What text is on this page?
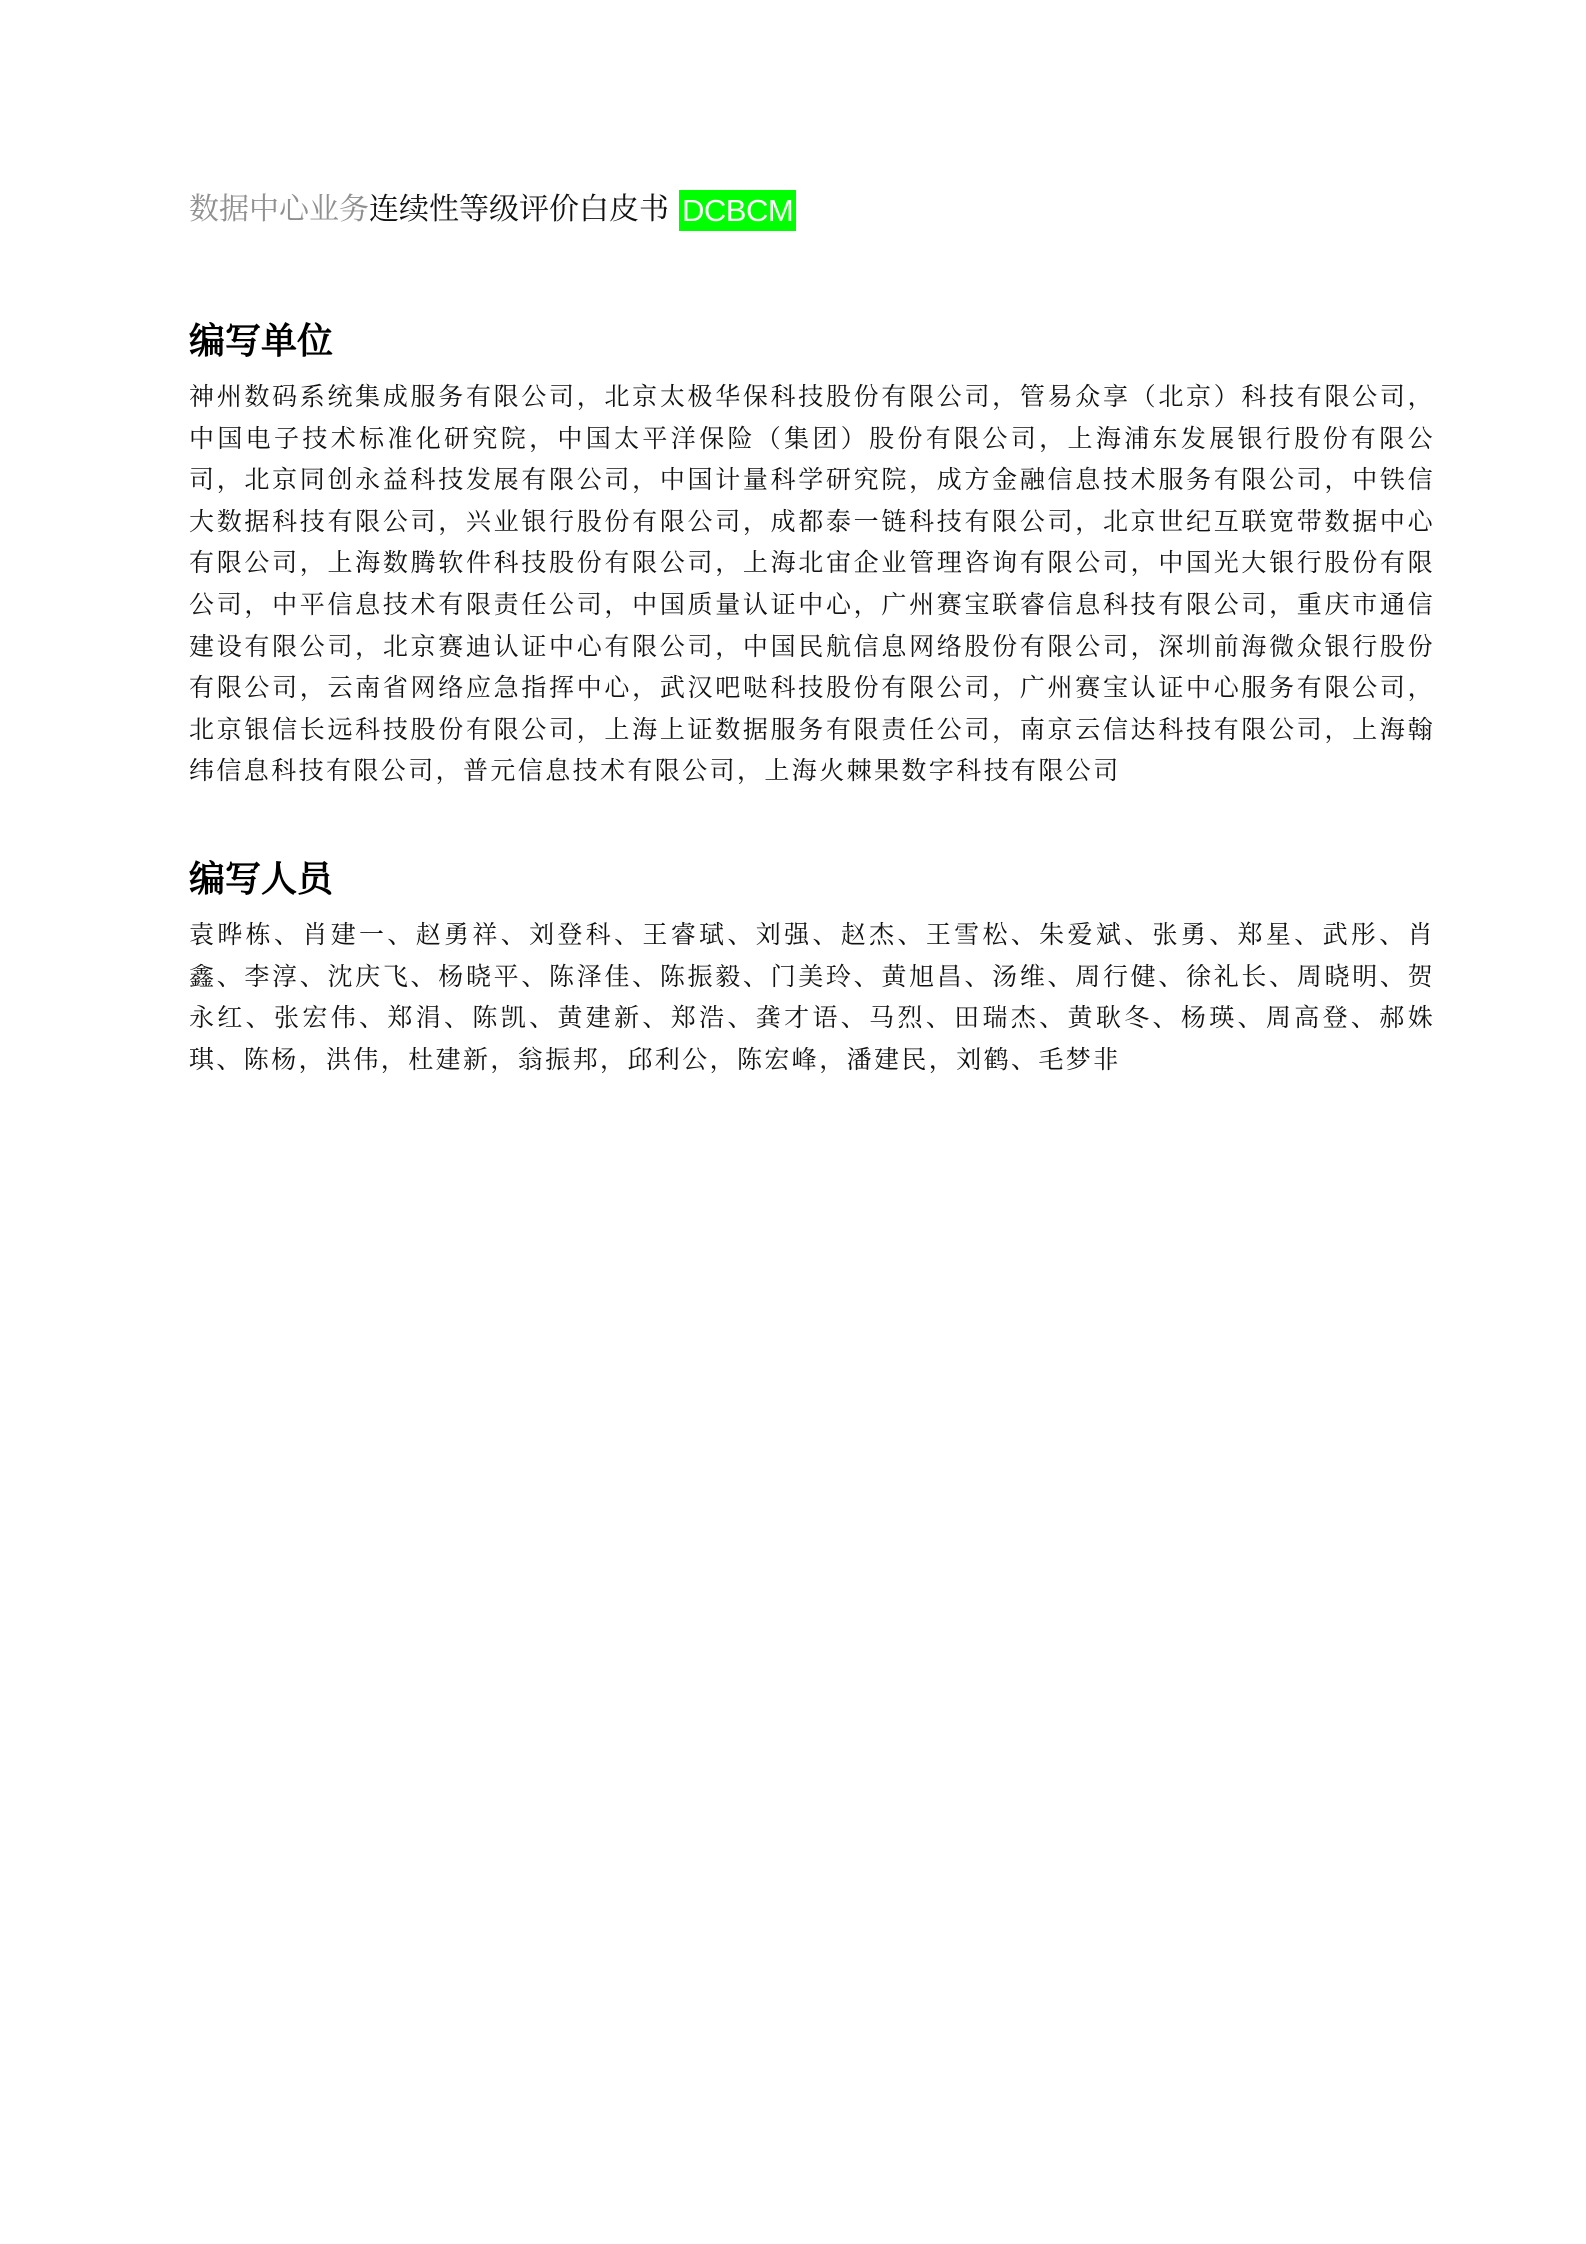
数据中心业务 连续性等级评价白皮书 DCBCM
编写单位

神州数码系统集成服务有限公司，北京太极华保科技股份有限公司，管易众享（北京）科技有限公司，中国电子技术标准化研究院，中国太平洋保险（集团）股份有限公司，上海浦东发展银行股份有限公司，北京同创永益科技发展有限公司，中国计量科学研究院，成方金融信息技术服务有限公司，中铁信大数据科技有限公司，兴业银行股份有限公司，成都泰一链科技有限公司，北京世纪互联宽带数据中心有限公司，上海数腾软件科技股份有限公司，上海北宙企业管理咨询有限公司，中国光大银行股份有限公司，中平信息技术有限责任公司，中国质量认证中心，广州赛宝联睿信息科技有限公司，重庆市通信建设有限公司，北京赛迪认证中心有限公司，中国民航信息网络股份有限公司，深圳前海微众银行股份有限公司，云南省网络应急指挥中心，武汉吧哒科技股份有限公司，广州赛宝认证中心服务有限公司，北京银信长远科技股份有限公司，上海上证数据服务有限责任公司，南京云信达科技有限公司，上海翰纬信息科技有限公司，普元信息技术有限公司，上海火棘果数字科技有限公司

编写人员

袁晔栋、肖建一、赵勇祥、刘登科、王睿珷、刘强、赵杰、王雪松、朱爱斌、张勇、郑星、武彤、肖鑫、李淳、沈庆飞、杨晓平、陈泽佳、陈振毅、门美玲、黄旭昌、汤维、周行健、徐礼长、周晓明、贺永红、张宏伟、郑涓、陈凯、黄建新、郑浩、龚才语、马烈、田瑞杰、黄耿冬、杨瑛、周高登、郝姝琪、陈杨，洪伟，杜建新，翁振邦，邱利公，陈宏峰，潘建民，刘鹤、毛梦非
